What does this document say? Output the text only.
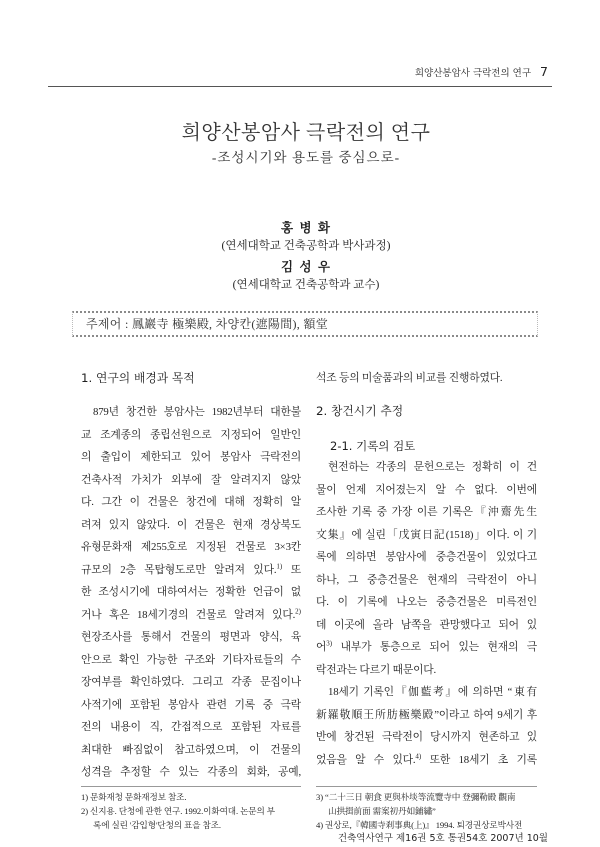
희양산봉암사 극락전의 연구 7
희양산봉암사 극락전의 연구
-조성시기와 용도를 중심으로-
홍 병 화
(연세대학교 건축공학과 박사과정)
김 성 우
(연세대학교 건축공학과 교수)
주제어 : 鳳巖寺 極樂殿, 차양칸(遮陽間), 額堂
1. 연구의 배경과 목적
879년 창건한 봉암사는 1982년부터 대한불
교 조계종의 종립선원으로 지정되어 일반인
의 출입이 제한되고 있어 봉암사 극락전의
건축사적 가치가 외부에 잘 알려지지 않았
다. 그간 이 건물은 창건에 대해 정확히 알
려져 있지 않았다. 이 건물은 현재 경상북도
유형문화재 제255호로 지정된 건물로 3×3칸
규모의 2층 목탑형도로만 알려져 있다.$^{1)}$ 또
한 조성시기에 대하여서는 정확한 언급이 없
거나 혹은 18세기경의 건물로 알려져 있다.$^{2)}$
현장조사를 통해서 건물의 평면과 양식, 육
안으로 확인 가능한 구조와 기타자료들의 수
장여부를 확인하였다. 그리고 각종 문집이나
사적기에 포함된 봉암사 관련 기록 중 극락
전의 내용이 직, 간접적으로 포함된 자료를
최대한 빠짐없이 참고하였으며, 이 건물의
성격을 추정할 수 있는 각종의 회화, 공예,
석조 등의 미술품과의 비교를 진행하였다.
2. 창건시기 추정
2-1. 기록의 검토
현전하는 각종의 문헌으로는 정확히 이 건
물이 언제 지어졌는지 알 수 없다. 이번에
조사한 기록 중 가장 이른 기록은『沖齋先生
文集』에 실린「戊寅日記(1518)」이다. 이 기
록에 의하면 봉암사에 중층건물이 있었다고
하나, 그 중층건물은 현재의 극락전이 아니
다. 이 기록에 나오는 중층건물은 미륵전인
데 이곳에 올라 남쪽을 관망했다고 되어 있
어$^{3)}$ 내부가 통층으로 되어 있는 현재의 극
락전과는 다르기 때문이다.
18세기 기록인『伽藍考』에 의하면 “東有
新羅敬順王所肪極樂殿”이라고 하여 9세기 후
반에 창건된 극락전이 당시까지 현존하고 있
었음을 알 수 있다.$^{4)}$ 또한 18세기 초 기록
1) 문화재청 문화재정보 참조.
2) 신지용. 단청에 관한 연구. 1992.이화여대. 논문의 부
록에 실린 '감입형'단청의 표을 참조.
3) “二十三日 朝食 更與朴埮等流覽寺中 登彌勒殿 觀南
山拱揖前面 需案初丹如鋪繡”
4) 권상로,『韓國寺刹事典(上)』 1994. 퇴경권상로박사전
건축역사연구 제16권 5호 통권54호 2007년 10월
